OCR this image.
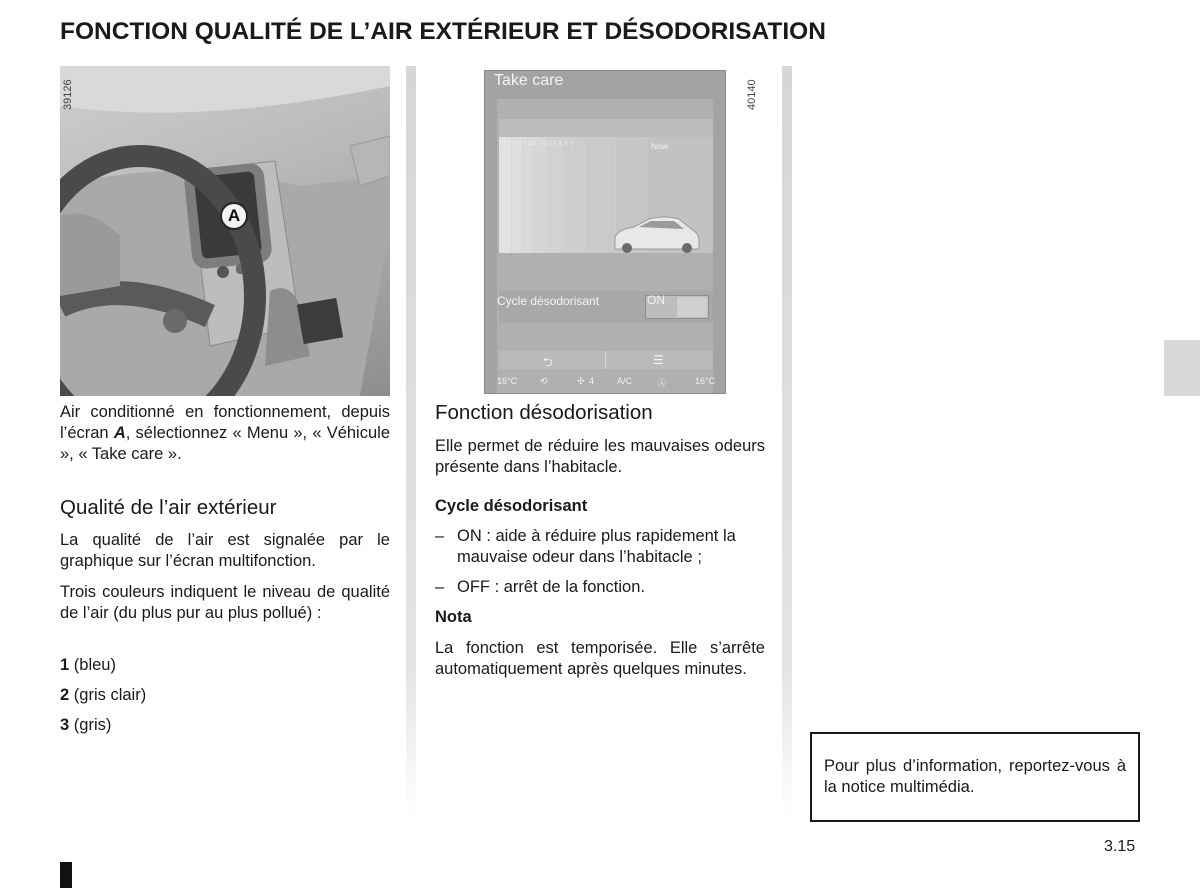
FONCTION QUALITÉ DE L’AIR EXTÉRIEUR ET DÉSODORISATION
A
39126	Take care
27 24 21 18 15 12 9 6 3	Now
Cycle désodorisant	ON
⮌	☰
16°C	⟲	✣ 4	A/C	Ⓐ	16°C
40140
Air conditionné en fonctionnement, depuis l’écran A, sélectionnez « Menu », « Véhicule », « Take care ».
Qualité de l’air extérieur
La qualité de l’air est signalée par le graphique sur l’écran multifonction.
Trois couleurs indiquent le niveau de qualité de l’air (du plus pur au plus pollué) :
1 (bleu)
2 (gris clair)
3 (gris)
Fonction désodorisation
Elle permet de réduire les mauvaises odeurs présente dans l’habitacle.
Cycle désodorisant
– ON : aide à réduire plus rapidement la mauvaise odeur dans l’habitacle ;
– OFF : arrêt de la fonction.
Nota
La fonction est temporisée. Elle s’arrête automatiquement après quelques minutes.
Pour plus d’information, reportez-vous à la notice multimédia.
3.15
